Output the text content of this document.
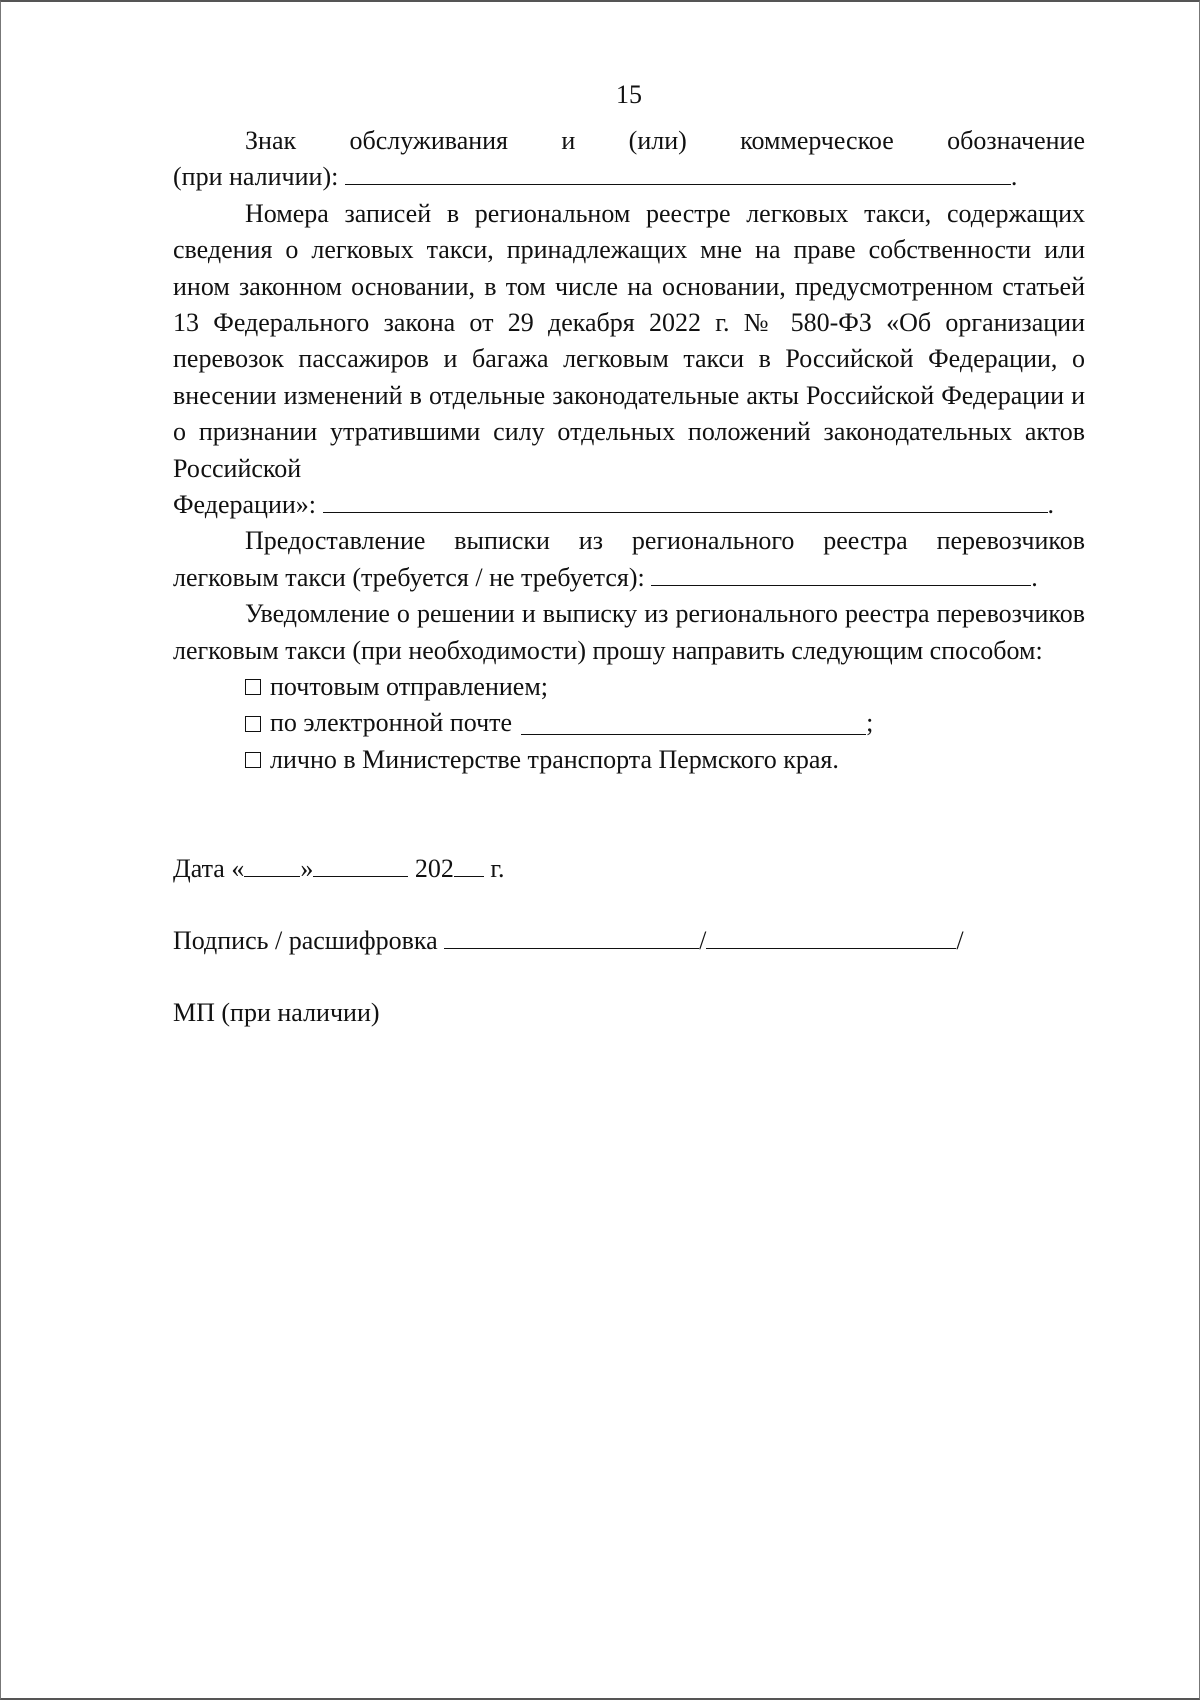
15

Знак обслуживания и (или) коммерческое обозначение

(при наличии):	.

Номера записей в региональном реестре легковых такси, содержащих сведения о легковых такси, принадлежащих мне на праве собственности или ином законном основании, в том числе на основании, предусмотренном статьей 13 Федерального закона от 29 декабря 2022 г. № 580-ФЗ «Об организации перевозок пассажиров и багажа легковым такси в Российской Федерации, о внесении изменений в отдельные законодательные акты Российской Федерации и о признании утратившими силу отдельных положений законодательных актов Российской

Федерации»:	.

Предоставление выписки из регионального реестра перевозчиков

легковым такси (требуется / не требуется):	.

Уведомление о решении и выписку из регионального реестра перевозчиков легковым такси (при необходимости) прошу направить следующим способом:

почтовым отправлением;
по электронной почте	;
лично в Министерстве транспорта Пермского края.
Дата « »	202 г.
Подпись / расшифровка	/	/
МП (при наличии)
